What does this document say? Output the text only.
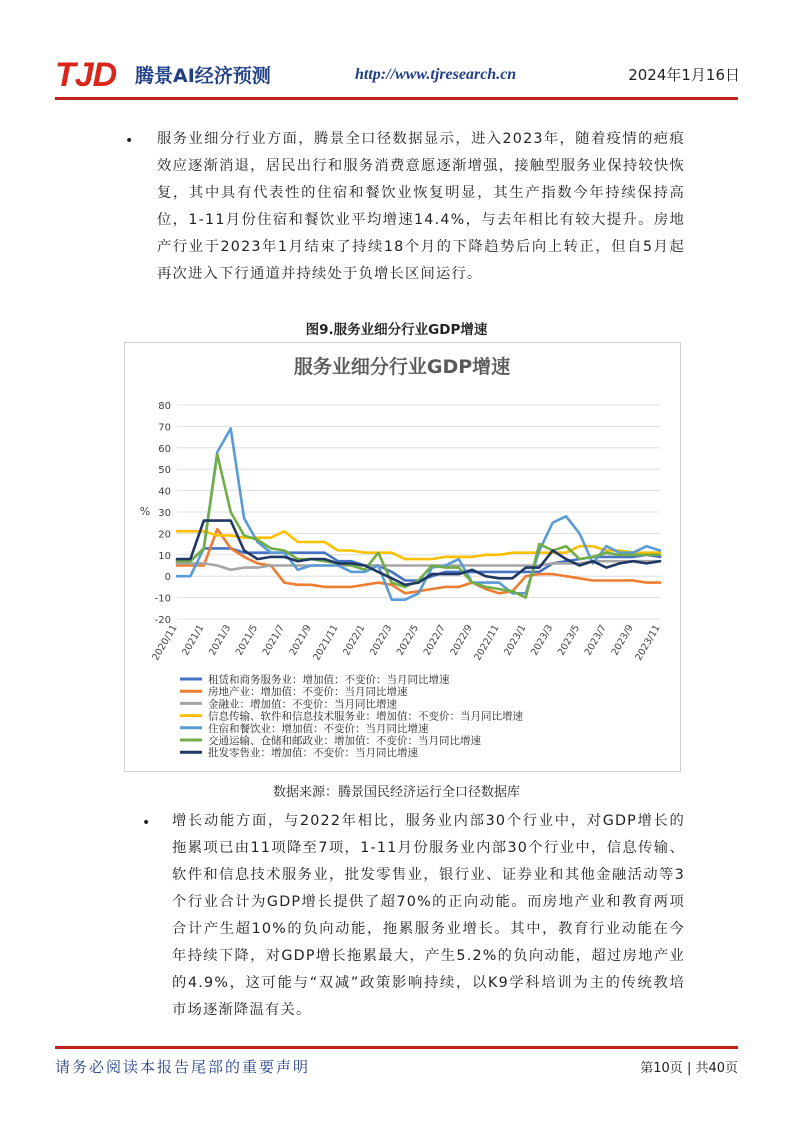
TJD 腾景AI经济预测	http://www.tjresearch.cn	2024年1月16日
• 服务业细分行业方面，腾景全口径数据显示，进入2023年，随着疫情的疤痕效应逐渐消退，居民出行和服务消费意愿逐渐增强，接触型服务业保持较快恢复，其中具有代表性的住宿和餐饮业恢复明显，其生产指数今年持续保持高位，1-11月份住宿和餐饮业平均增速14.4%，与去年相比有较大提升。房地产行业于2023年1月结束了持续18个月的下降趋势后向上转正，但自5月起再次进入下行通道并持续处于负增长区间运行。
图9.服务业细分行业GDP增速
服务业细分行业GDP增速
-20
-10
0
10
20
30
40
50
60
70
80
%
2020/11 2021/1 2021/3 2021/5 2021/7 2021/9
2021/11 2022/1 2022/3 2022/5 2022/7 2022/9
2022/11 2023/1 2023/3 2023/5 2023/7 2023/9
2023/11
租赁和商务服务业：增加值：不变价：当月同比增速
房地产业：增加值：不变价：当月同比增速
金融业：增加值：不变价：当月同比增速
信息传输、软件和信息技术服务业：增加值：不变价：当月同比增速
住宿和餐饮业：增加值：不变价：当月同比增速
交通运输、仓储和邮政业：增加值：不变价：当月同比增速
批发零售业：增加值：不变价：当月同比增速
数据来源：腾景国民经济运行全口径数据库
• 增长动能方面，与2022年相比，服务业内部30个行业中，对GDP增长的拖累项已由11项降至7项，1-11月份服务业内部30个行业中，信息传输、软件和信息技术服务业，批发零售业，银行业、证券业和其他金融活动等3个行业合计为GDP增长提供了超70%的正向动能。而房地产业和教育两项合计产生超10%的负向动能，拖累服务业增长。其中，教育行业动能在今年持续下降，对GDP增长拖累最大，产生5.2%的负向动能，超过房地产业的4.9%，这可能与“双减”政策影响持续，以K9学科培训为主的传统教培市场逐渐降温有关。
请务必阅读本报告尾部的重要声明	第10页 | 共40页
